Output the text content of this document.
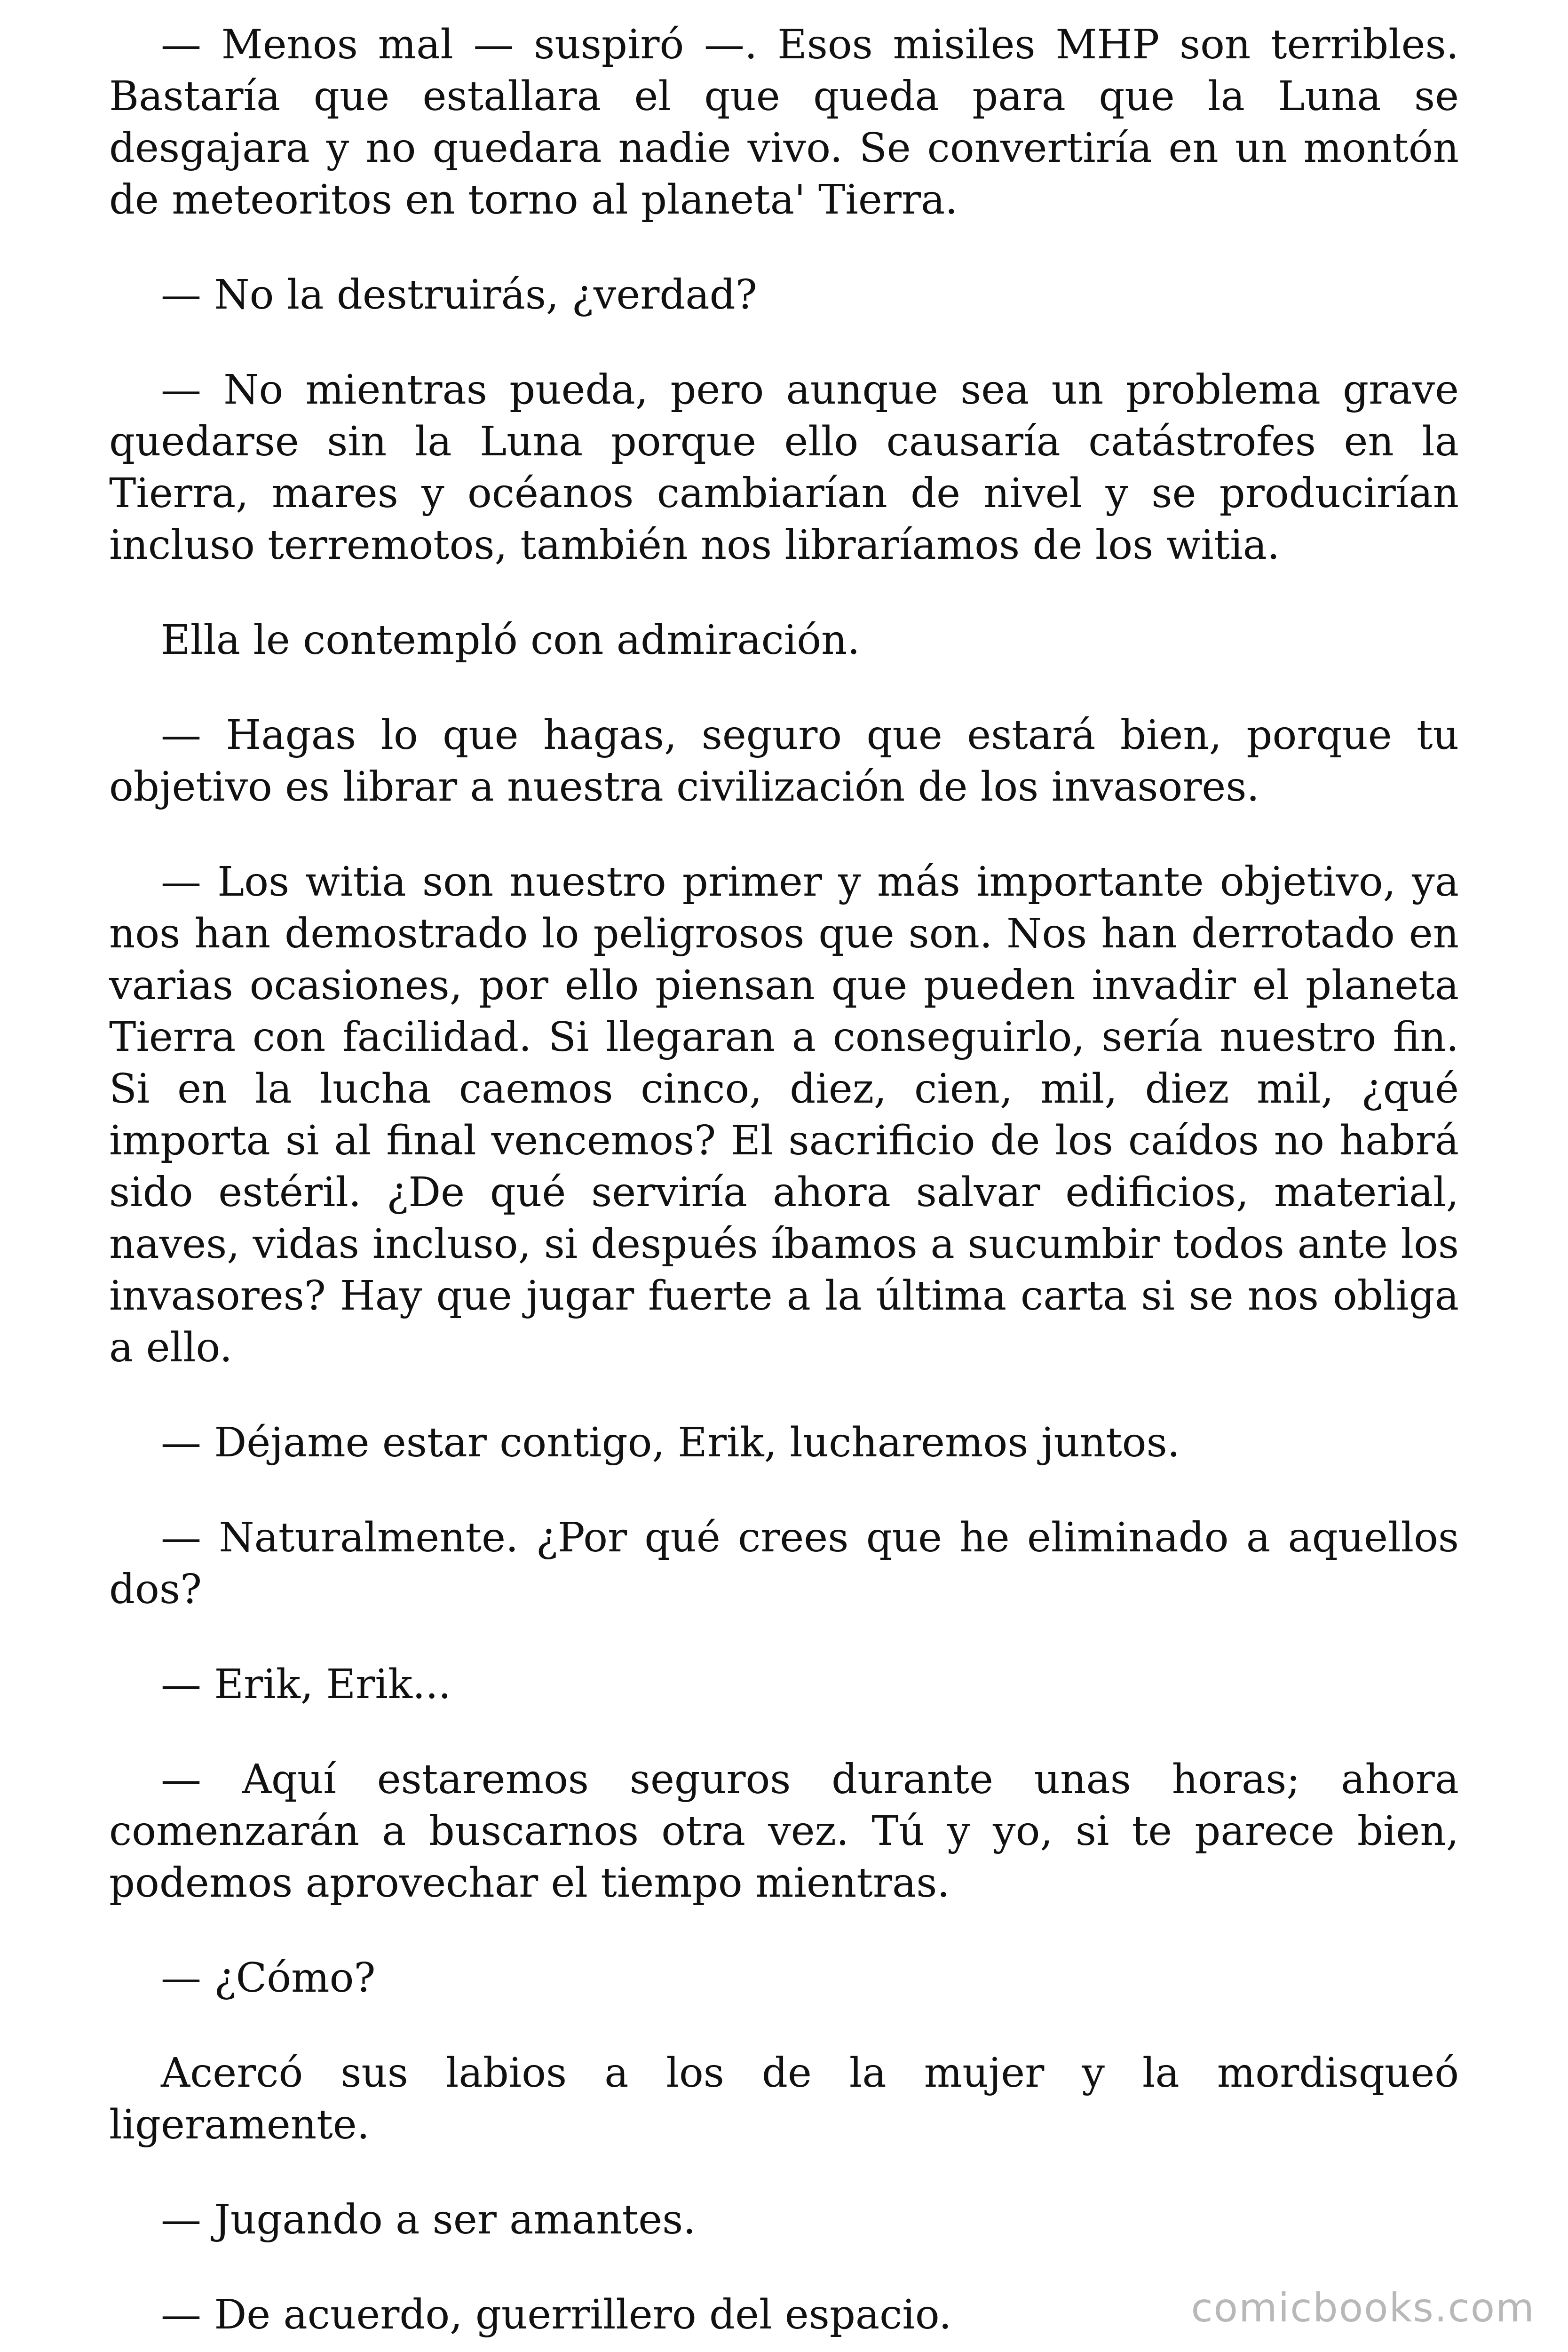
— Menos mal — suspiró —. Esos misiles MHP son terribles. Bastaría que estallara el que queda para que la Luna se desgajara y no quedara nadie vivo. Se convertiría en un montón de meteoritos en torno al planeta' Tierra.

— No la destruirás, ¿verdad?

— No mientras pueda, pero aunque sea un problema grave quedarse sin la Luna porque ello causaría catástrofes en la Tierra, mares y océanos cambiarían de nivel y se producirían incluso terremotos, también nos libraríamos de los witia.

Ella le contempló con admiración.

— Hagas lo que hagas, seguro que estará bien, porque tu objetivo es librar a nuestra civilización de los invasores.

— Los witia son nuestro primer y más importante objetivo, ya nos han demostrado lo peligrosos que son. Nos han derrotado en varias ocasiones, por ello piensan que pueden invadir el planeta Tierra con facilidad. Si llegaran a conseguirlo, sería nuestro fin. Si en la lucha caemos cinco, diez, cien, mil, diez mil, ¿qué importa si al final vencemos? El sacrificio de los caídos no habrá sido estéril. ¿De qué serviría ahora salvar edificios, material, naves, vidas incluso, si después íbamos a sucumbir todos ante los invasores? Hay que jugar fuerte a la última carta si se nos obliga a ello.

— Déjame estar contigo, Erik, lucharemos juntos.

— Naturalmente. ¿Por qué crees que he eliminado a aquellos dos?

— Erik, Erik...

— Aquí estaremos seguros durante unas horas; ahora comenzarán a buscarnos otra vez. Tú y yo, si te parece bien, podemos aprovechar el tiempo mientras.

— ¿Cómo?

Acercó sus labios a los de la mujer y la mordisqueó ligeramente.

— Jugando a ser amantes.

— De acuerdo, guerrillero del espacio.	comicbooks.com
